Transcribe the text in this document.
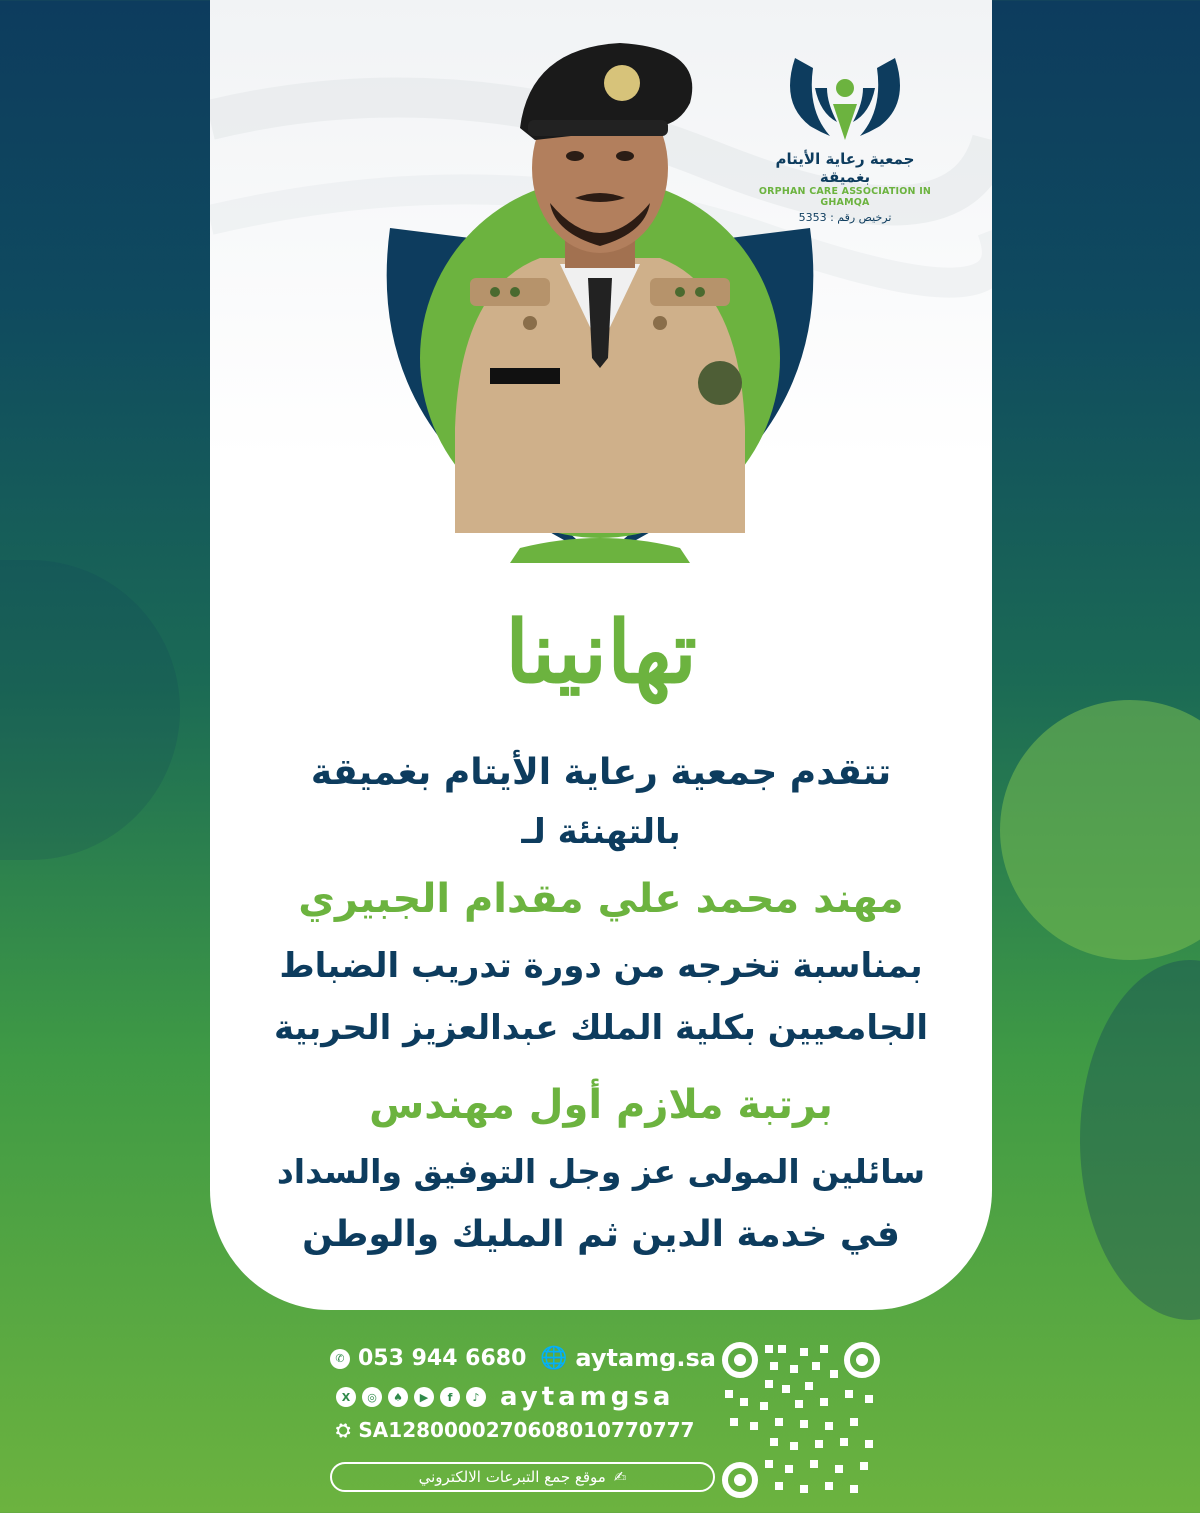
جمعية رعاية الأيتام بغميقة
ORPHAN CARE ASSOCIATION IN GHAMQA
ترخيص رقم : 5353
تهانينا
تتقدم جمعية رعاية الأيتام بغميقة
بالتهنئة لـ
مهند محمد علي مقدام الجبيري
بمناسبة تخرجه من دورة تدريب الضباط
الجامعيين بكلية الملك عبدالعزيز الحربية
برتبة ملازم أول مهندس
سائلين المولى عز وجل التوفيق والسداد
في خدمة الدين ثم المليك والوطن
✆ 053 944 6680 🌐 aytamg.sa
X	◎	♠	▶	f	♪ aytamgsa
⛭ SA1280000270608010770777
✍
موقع جمع التبرعات الالكتروني
